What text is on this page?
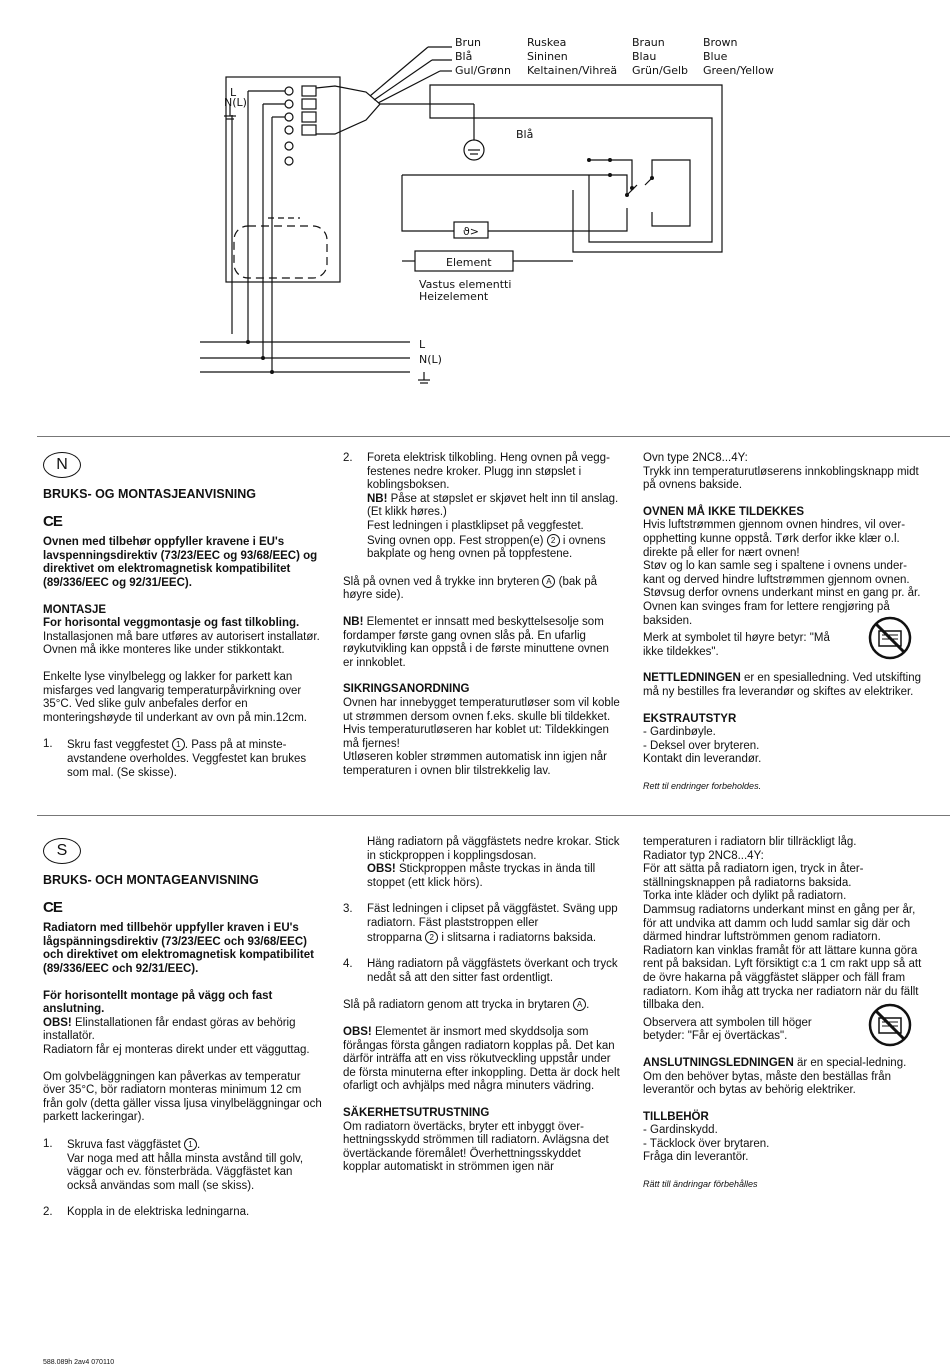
ϑ>
Brun	Ruskea	Braun	Brown
Blå	Sininen	Blau	Blue
Gul/Grønn Keltainen/Vihreä Grün/Gelb Green/Yellow
L
N(L)
Blå
Element
Vastus elementti
Heizelement
L
N(L)
N

BRUKS- OG MONTASJEANVISNING

CE

Ovnen med tilbehør oppfyller kravene i EU's lavspenningsdirektiv (73/23/EEC og 93/68/EEC) og direktivet om elektromagnetisk kompatibilitet (89/336/EEC og 92/31/EEC).

MONTASJE
For horisontal veggmontasje og fast tilkobling.

Installasjonen må bare utføres av autorisert installatør. Ovnen må ikke monteres like under stikkontakt.

Enkelte lyse vinylbelegg og lakker for parkett kan misfarges ved langvarig temperaturpåvirkning over 35°C. Ved slike gulv anbefales derfor en monteringshøyde til underkant av ovn på min.12cm.

1.	Skru fast veggfestet 1 . Pass på at minste-avstandene overholdes. Veggfestet kan brukes som mal. (Se skisse).
2.	Foreta elektrisk tilkobling. Heng ovnen på vegg-festenes nedre kroker. Plugg inn støpslet i koblingsboksen.
NB! Påse at støpslet er skjøvet helt inn til anslag. (Et klikk høres.)
Fest ledningen i plastklipset på veggfestet.
Sving ovnen opp. Fest stroppen(e) 2 i ovnens bakplate og heng ovnen på toppfestene.

Slå på ovnen ved å trykke inn bryteren A (bak på høyre side).

NB! Elementet er innsatt med beskyttelsesolje som fordamper første gang ovnen slås på. En ufarlig røykutvikling kan oppstå i de første minuttene ovnen er innkoblet.

SIKRINGSANORDNING

Ovnen har innebygget temperaturutløser som vil koble ut strømmen dersom ovnen f.eks. skulle bli tildekket. Hvis temperaturutløseren har koblet ut: Tildekkingen må fjernes!

Utløseren kobler strømmen automatisk inn igjen når temperaturen i ovnen blir tilstrekkelig lav.

Ovn type 2NC8...4Y:

Trykk inn temperaturutløserens innkoblingsknapp midt på ovnens bakside.

OVNEN MÅ IKKE TILDEKKES

Hvis luftstrømmen gjennom ovnen hindres, vil over-opphetting kunne oppstå. Tørk derfor ikke klær o.l. direkte på eller for nært ovnen!

Støv og lo kan samle seg i spaltene i ovnens under-kant og derved hindre luftstrømmen gjennom ovnen. Støvsug derfor ovnens underkant minst en gang pr. år. Ovnen kan svinges fram for lettere rengjøring på baksiden.

Merk at symbolet til høyre betyr: "Må ikke tildekkes".

NETTLEDNINGEN er en spesialledning. Ved utskifting må ny bestilles fra leverandør og skiftes av elektriker.

EKSTRAUTSTYR

- Gardinbøyle.

- Deksel over bryteren.

Kontakt din leverandør.

Rett til endringer forbeholdes.

S

BRUKS- OCH MONTAGEANVISNING

CE

Radiatorn med tillbehör uppfyller kraven i EU's lågspänningsdirektiv (73/23/EEC och 93/68/EEC) och direktivet om elektromagnetisk kompatibilitet (89/336/EEC och 92/31/EEC).

För horisontellt montage på vägg och fast anslutning.

OBS! Elinstallationen får endast göras av behörig installatör.

Radiatorn får ej monteras direkt under ett vägguttag.

Om golvbeläggningen kan påverkas av temperatur över 35°C, bör radiatorn monteras minimum 12 cm från golv (detta gäller vissa ljusa vinylbeläggningar och parkett lackeringar).

1.	Skruva fast väggfästet 1 .
Var noga med att hålla minsta avstånd till golv, väggar och ev. fönsterbräda. Väggfästet kan också användas som mall (se skiss).
2.	Koppla in de elektriska ledningarna.
Häng radiatorn på väggfästets nedre krokar. Stick in stickproppen i kopplingsdosan.
OBS! Stickproppen måste tryckas in ända till stoppet (ett klick hörs).
3.	Fäst ledningen i clipset på väggfästet. Sväng upp radiatorn. Fäst plaststroppen eller
stropparna 2 i slitsarna i radiatorns baksida.
4.	Häng radiatorn på väggfästets överkant och tryck nedåt så att den sitter fast ordentligt.

Slå på radiatorn genom att trycka in brytaren A .

OBS! Elementet är insmort med skyddsolja som förångas första gången radiatorn kopplas på. Det kan därför inträffa att en viss rökutveckling uppstår under de första minuterna efter inkoppling. Detta är dock helt ofarligt och avhjälps med några minuters vädring.

SÄKERHETSUTRUSTNING

Om radiatorn övertäcks, bryter ett inbyggt över-hettningsskydd strömmen till radiatorn. Avlägsna det övertäckande föremålet! Överhettningsskyddet kopplar automatiskt in strömmen igen när

temperaturen i radiatorn blir tillräckligt låg.

Radiator typ 2NC8...4Y:

För att sätta på radiatorn igen, tryck in åter-ställningsknappen på radiatorns baksida.

Torka inte kläder och dylikt på radiatorn.

Dammsug radiatorns underkant minst en gång per år, för att undvika att damm och ludd samlar sig där och därmed hindrar luftströmmen genom radiatorn. Radiatorn kan vinklas framåt för att lättare kunna göra rent på baksidan. Lyft försiktigt c:a 1 cm rakt upp så att de övre hakarna på väggfästet släpper och fäll fram radiatorn. Kom ihåg att trycka ner radiatorn när du fällt tillbaka den.

Observera att symbolen till höger betyder: "Får ej övertäckas".

ANSLUTNINGSLEDNINGEN är en special-ledning. Om den behöver bytas, måste den beställas från leverantör och bytas av behörig elektriker.

TILLBEHÖR

- Gardinskydd.

- Täcklock över brytaren.

Fråga din leverantör.

Rätt till ändringar förbehålles

588.089h 2av4 070110
